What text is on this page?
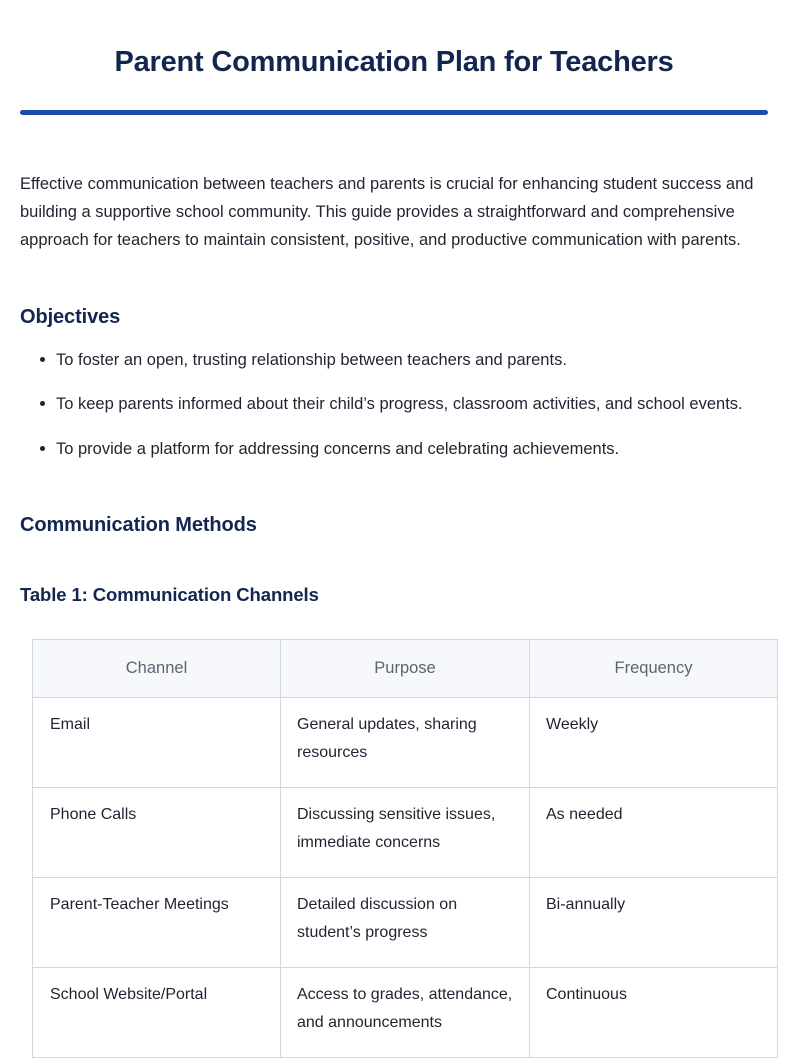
Parent Communication Plan for Teachers

Effective communication between teachers and parents is crucial for enhancing student success and building a supportive school community. This guide provides a straightforward and comprehensive approach for teachers to maintain consistent, positive, and productive communication with parents.

Objectives
To foster an open, trusting relationship between teachers and parents.
To keep parents informed about their child’s progress, classroom activities, and school events.
To provide a platform for addressing concerns and celebrating achievements.
Communication Methods
Table 1: Communication Channels
Channel	Purpose	Frequency
Email	General updates, sharing resources	Weekly
Phone Calls	Discussing sensitive issues, immediate concerns	As needed
Parent-Teacher Meetings	Detailed discussion on student’s progress	Bi-annually
School Website/Portal	Access to grades, attendance, and announcements	Continuous
